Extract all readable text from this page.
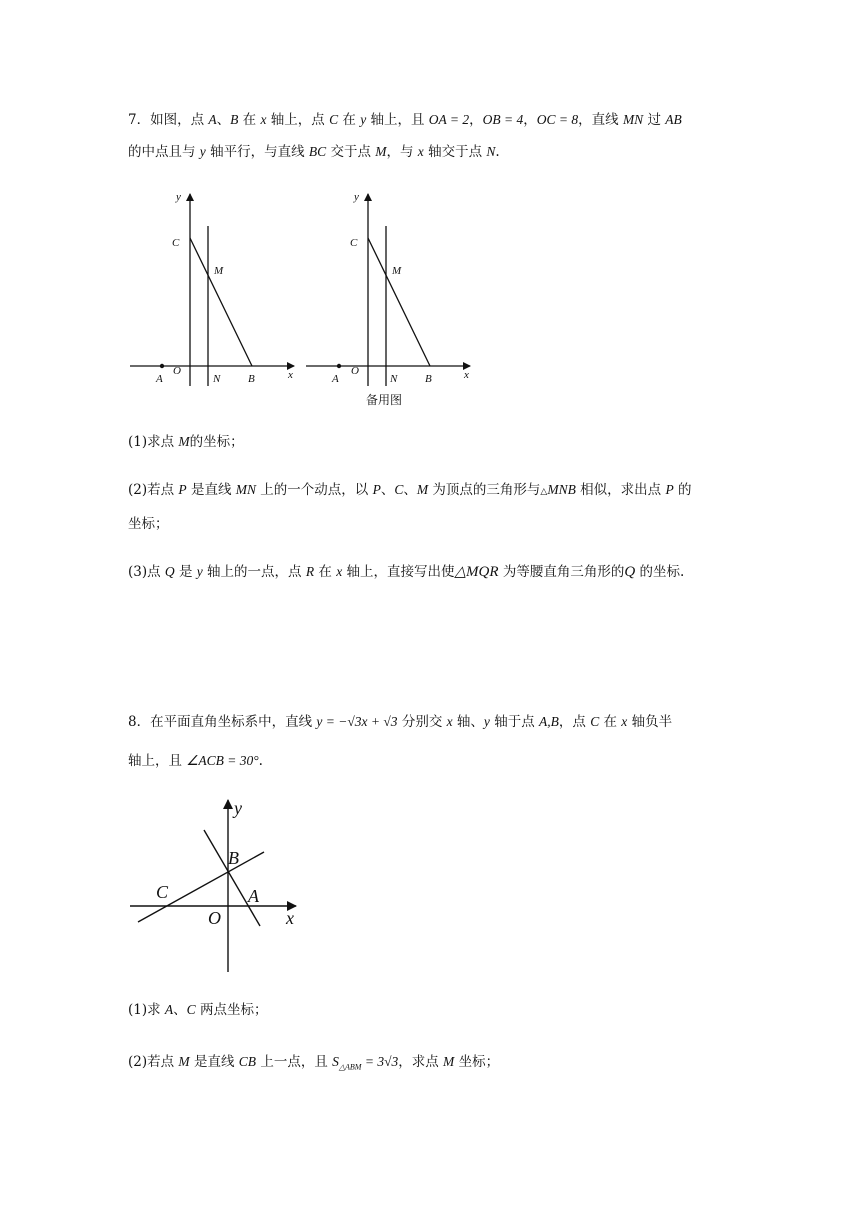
7．如图，点 A、B 在 x 轴上，点 C 在 y 轴上，且 OA = 2，OB = 4，OC = 8，直线 MN 过 AB
的中点且与 y 轴平行，与直线 BC 交于点 M，与 x 轴交于点 N.
y
x
C
M
A
O
N	B
y
x
C
M
A
O
N	B
备用图
(1)求点 M的坐标；
(2)若点 P 是直线 MN 上的一个动点，以 P、C、M 为顶点的三角形与△MNB 相似，求出点 P 的
坐标；
(3)点 Q 是 y 轴上的一点，点 R 在 x 轴上，直接写出使△MQR 为等腰直角三角形的Q 的坐标.
8．在平面直角坐标系中，直线 y = −√3x + √3 分别交 x 轴、y 轴于点 A,B，点 C 在 x 轴负半
轴上，且 ∠ACB = 30°.
y
x
B
C	A
O
(1)求 A、C 两点坐标；
(2)若点 M 是直线 CB 上一点，且 $S_{\triangle ABM} = 3√3$，求点 M 坐标；
